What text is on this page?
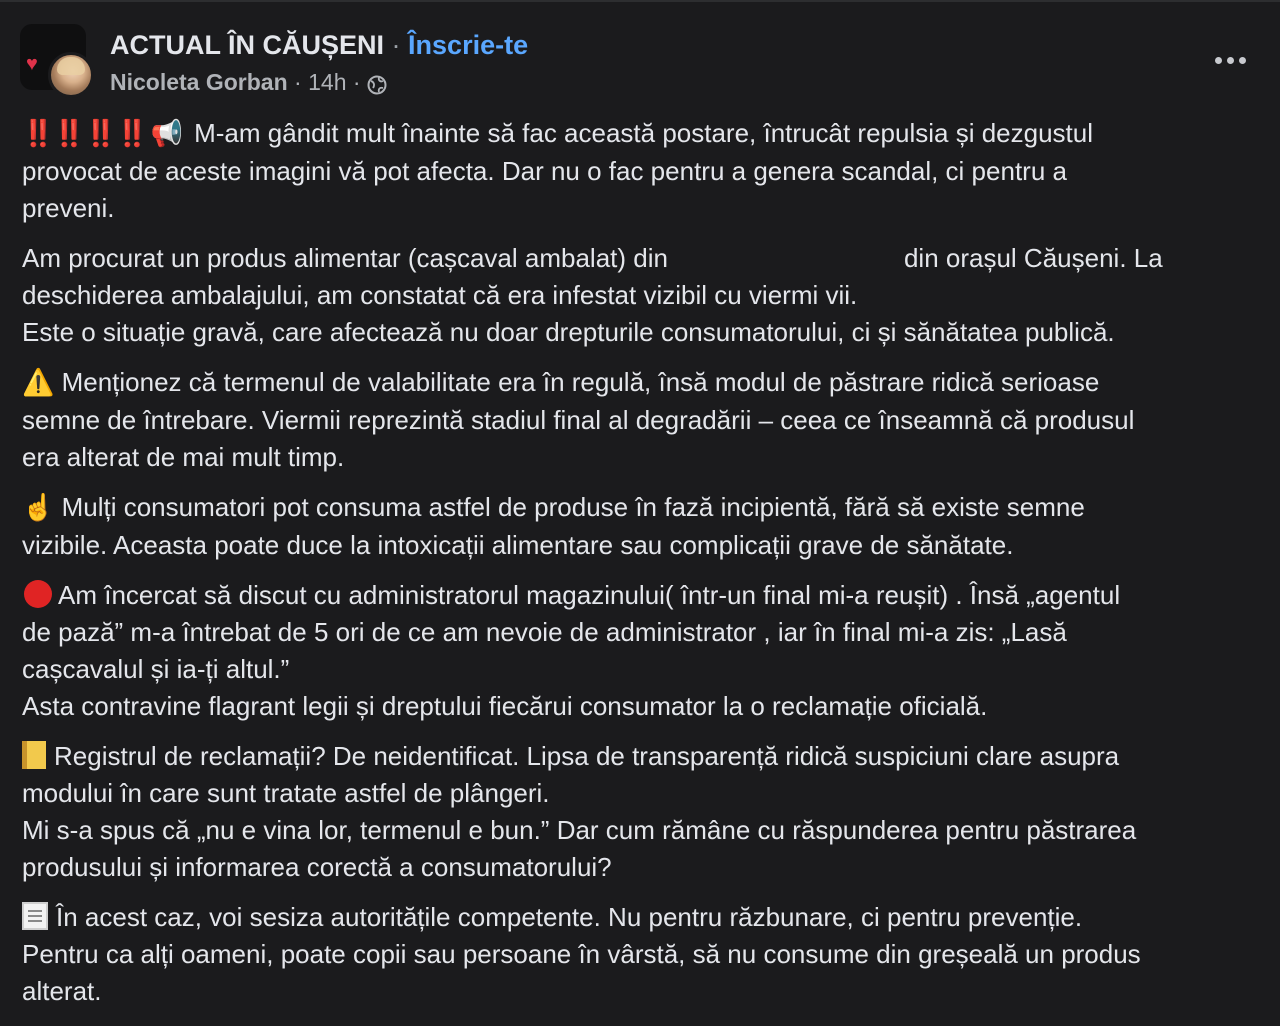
♥
ACTUAL ÎN CĂUȘENI · Înscrie-te
Nicoleta Gorban
·
14h
·
‼️‼️‼️‼️ 📢 M-am gândit mult înainte să fac această postare, întrucât repulsia și dezgustul
provocat de aceste imagini vă pot afecta. Dar nu o fac pentru a genera scandal, ci pentru a
preveni.
Am procurat un produs alimentar (cașcaval ambalat) din	din orașul Căușeni. La
deschiderea ambalajului, am constatat că era infestat vizibil cu viermi vii.
Este o situație gravă, care afectează nu doar drepturile consumatorului, ci și sănătatea publică.
⚠️ Menționez că termenul de valabilitate era în regulă, însă modul de păstrare ridică serioase
semne de întrebare. Viermii reprezintă stadiul final al degradării – ceea ce înseamnă că produsul
era alterat de mai mult timp.
☝️ Mulți consumatori pot consuma astfel de produse în fază incipientă, fără să existe semne
vizibile. Aceasta poate duce la intoxicații alimentare sau complicații grave de sănătate.
Am încercat să discut cu administratorul magazinului( într-un final mi-a reușit) . Însă „agentul
de pază” m-a întrebat de 5 ori de ce am nevoie de administrator , iar în final mi-a zis: „Lasă
cașcavalul și ia-ți altul.”
Asta contravine flagrant legii și dreptului fiecărui consumator la o reclamație oficială.
Registrul de reclamații? De neidentificat. Lipsa de transparență ridică suspiciuni clare asupra
modului în care sunt tratate astfel de plângeri.
Mi s-a spus că „nu e vina lor, termenul e bun.” Dar cum rămâne cu răspunderea pentru păstrarea
produsului și informarea corectă a consumatorului?
În acest caz, voi sesiza autoritățile competente. Nu pentru răzbunare, ci pentru prevenție.
Pentru ca alți oameni, poate copii sau persoane în vârstă, să nu consume din greșeală un produs
alterat.
